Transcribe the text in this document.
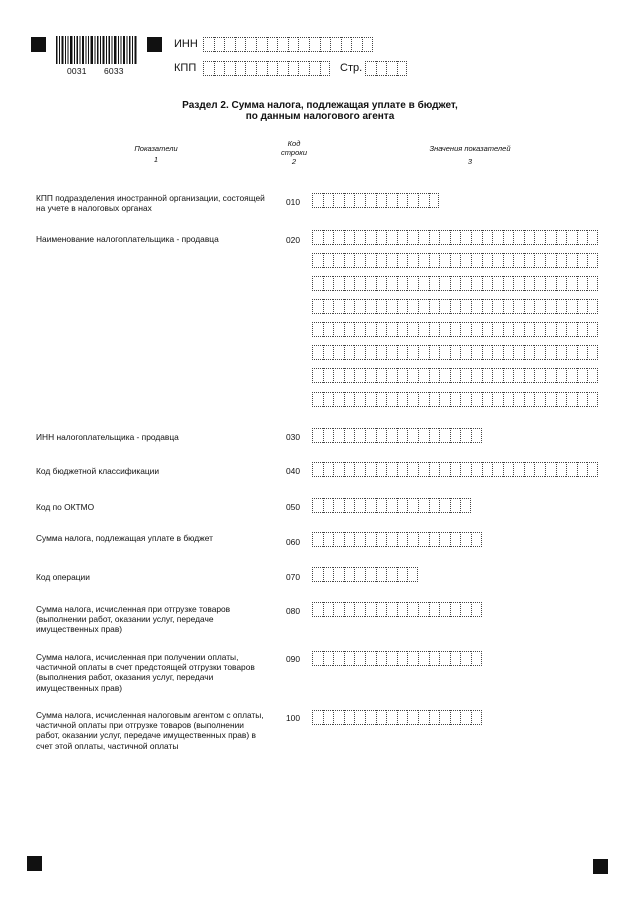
0031 6033
ИНН
КПП	Стр.
Раздел 2. Сумма налога, подлежащая уплате в бюджет,
по данным налогового агента
Показатели
1
Код
строки
2
Значения показателей
3
КПП подразделения иностранной организации, состоящей на учете в налоговых органах
010
Наименование налогоплательщика - продавца	020
ИНН налогоплательщика - продавца	030
Код бюджетной классификации	040
Код по ОКТМО	050
Сумма налога, подлежащая уплате в бюджет	060
Код операции	070
Сумма налога, исчисленная при отгрузке товаров (выполнении работ, оказании услуг, передаче имущественных прав)
080
Сумма налога, исчисленная при получении оплаты, частичной оплаты в счет предстоящей отгрузки товаров (выполнения работ, оказания услуг, передачи имущественных прав)
090
Сумма налога, исчисленная налоговым агентом с оплаты, частичной оплаты при отгрузке товаров (выполнении работ, оказании услуг, передаче имущественных прав) в счет этой оплаты, частичной оплаты
100
